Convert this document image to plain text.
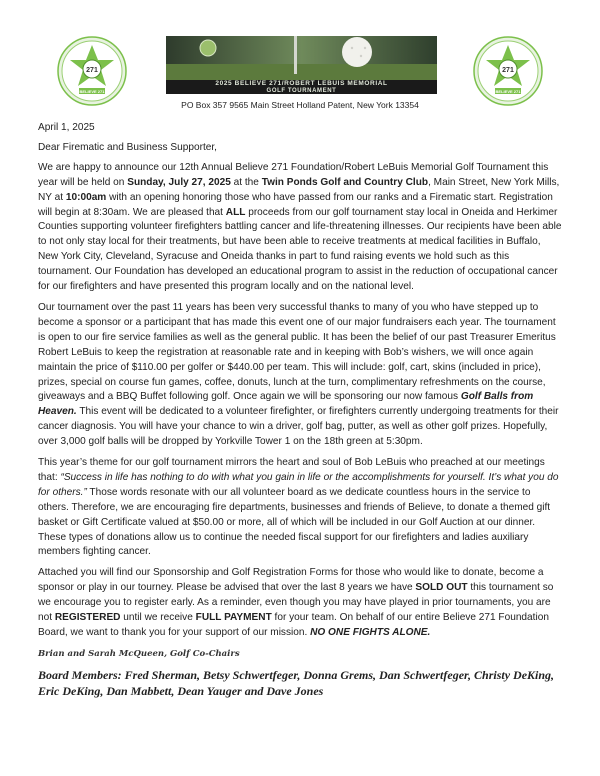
271
BELIEVE 271
2025 BELIEVE 271/ROBERT LEBUIS MEMORIAL
GOLF TOURNAMENT
271
BELIEVE 271
PO Box 357 9565 Main Street Holland Patent, New York 13354

April 1, 2025

Dear Firematic and Business Supporter,

We are happy to announce our 12th Annual Believe 271 Foundation/Robert LeBuis Memorial Golf Tournament this year will be held on Sunday, July 27, 2025 at the Twin Ponds Golf and Country Club, Main Street, New York Mills, NY at 10:00am with an opening honoring those who have passed from our ranks and a Firematic start. Registration will begin at 8:30am. We are pleased that ALL proceeds from our golf tournament stay local in Oneida and Herkimer Counties supporting volunteer firefighters battling cancer and life-threatening illnesses. Our recipients have been able to not only stay local for their treatments, but have been able to receive treatments at medical facilities in Buffalo, New York City, Cleveland, Syracuse and Oneida thanks in part to fund raising events we hold such as this tournament. Our Foundation has developed an educational program to assist in the reduction of occupational cancer for our firefighters and have presented this program locally and on the national level.

Our tournament over the past 11 years has been very successful thanks to many of you who have stepped up to become a sponsor or a participant that has made this event one of our major fundraisers each year. The tournament is open to our fire service families as well as the general public. It has been the belief of our past Treasurer Emeritus Robert LeBuis to keep the registration at reasonable rate and in keeping with Bob’s wishers, we will once again maintain the price of $110.00 per golfer or $440.00 per team. This will include: golf, cart, skins (included in price), prizes, special on course fun games, coffee, donuts, lunch at the turn, complimentary refreshments on the course, giveaways and a BBQ Buffet following golf. Once again we will be sponsoring our now famous Golf Balls from Heaven. This event will be dedicated to a volunteer firefighter, or firefighters currently undergoing treatments for their cancer diagnosis. You will have your chance to win a driver, golf bag, putter, as well as other golf prizes. Hopefully, over 3,000 golf balls will be dropped by Yorkville Tower 1 on the 18th green at 5:30pm.

This year’s theme for our golf tournament mirrors the heart and soul of Bob LeBuis who preached at our meetings that: “Success in life has nothing to do with what you gain in life or the accomplishments for yourself. It’s what you do for others.” Those words resonate with our all volunteer board as we dedicate countless hours in the service to others. Therefore, we are encouraging fire departments, businesses and friends of Believe, to donate a themed gift basket or Gift Certificate valued at $50.00 or more, all of which will be included in our Golf Auction at our dinner. These types of donations allow us to continue the needed fiscal support for our firefighters and ladies auxiliary members fighting cancer.

Attached you will find our Sponsorship and Golf Registration Forms for those who would like to donate, become a sponsor or play in our tourney. Please be advised that over the last 8 years we have SOLD OUT this tournament so we encourage you to register early. As a reminder, even though you may have played in prior tournaments, you are not REGISTERED until we receive FULL PAYMENT for your team. On behalf of our entire Believe 271 Foundation Board, we want to thank you for your support of our mission. NO ONE FIGHTS ALONE.

Brian and Sarah McQueen, Golf Co-Chairs

Board Members: Fred Sherman, Betsy Schwertfeger, Donna Grems, Dan Schwertfeger, Christy DeKing, Eric DeKing, Dan Mabbett, Dean Yauger and Dave Jones
